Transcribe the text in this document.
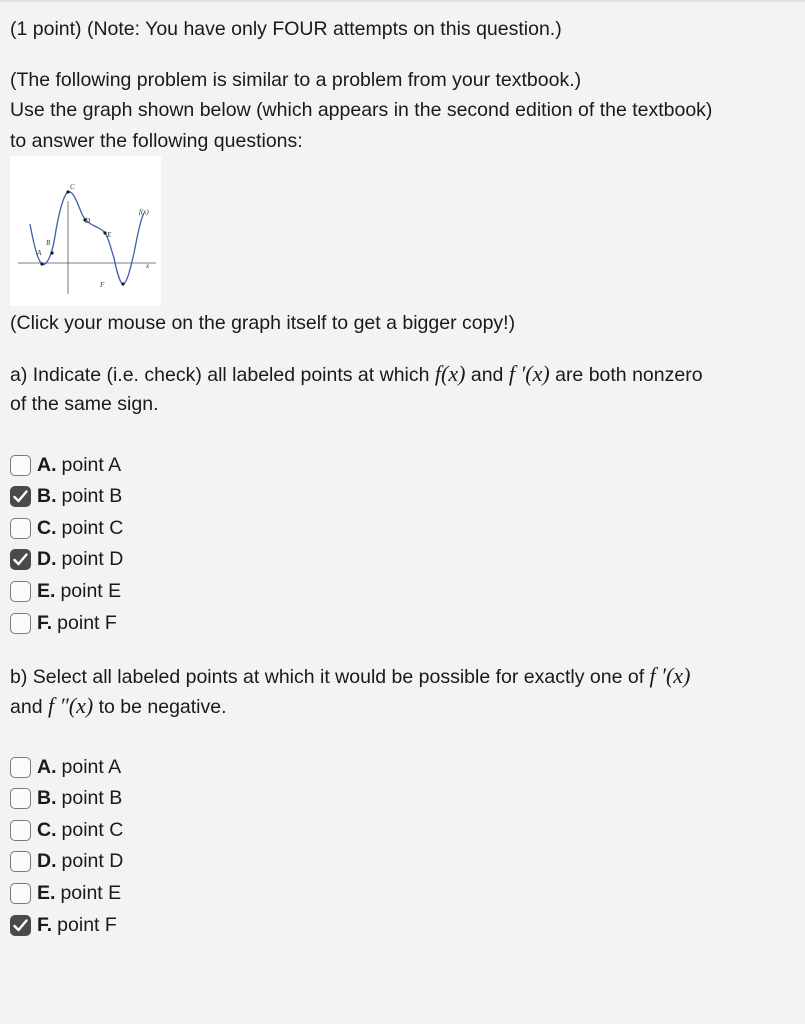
(1 point) (Note: You have only FOUR attempts on this question.)

(The following problem is similar to a problem from your textbook.)

Use the graph shown below (which appears in the second edition of the textbook)

to answer the following questions:

A
B
C
D
E
F
f(x)
x

(Click your mouse on the graph itself to get a bigger copy!)

a) Indicate (i.e. check) all labeled points at which f(x) and f ′(x) are both nonzero

of the same sign.

A. point A
B. point B
C. point C
D. point D
E. point E
F. point F

b) Select all labeled points at which it would be possible for exactly one of f ′(x)

and f ″(x) to be negative.

A. point A
B. point B
C. point C
D. point D
E. point E
F. point F
